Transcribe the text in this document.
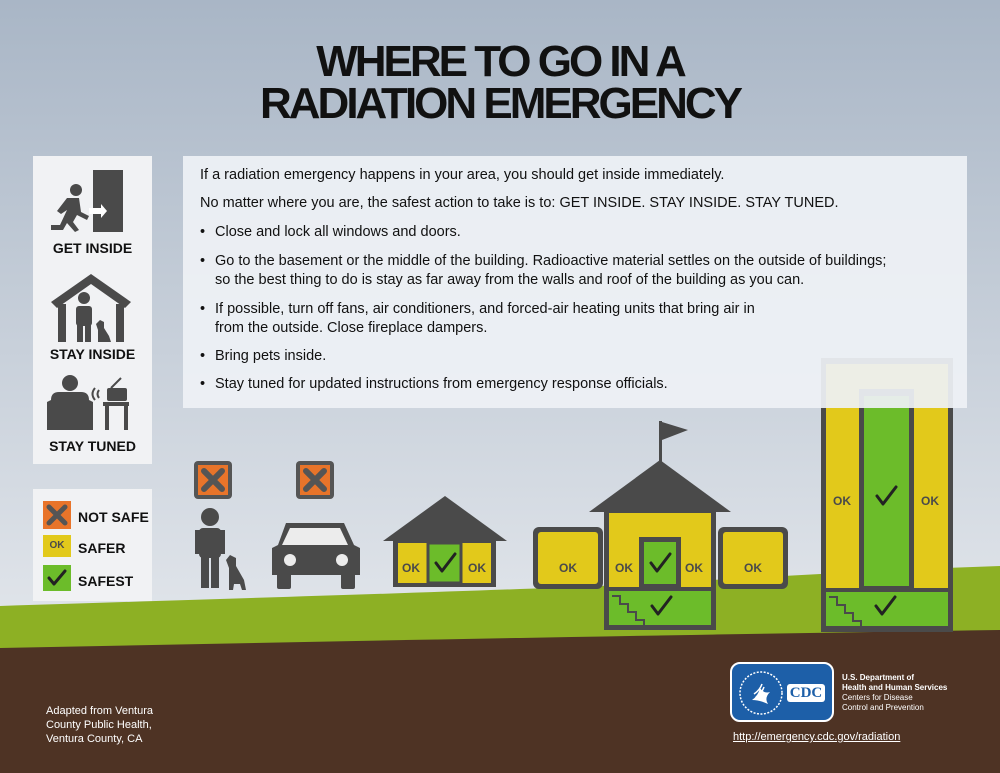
OK	OK	OK	OK	OK	OK
OK	OK
WHERE TO GO IN A
RADIATION EMERGENCY
GET INSIDE
STAY INSIDE
STAY TUNED

If a radiation emergency happens in your area, you should get inside immediately.

No matter where you are, the safest action to take is to: GET INSIDE. STAY INSIDE. STAY TUNED.

• Close and lock all windows and doors.

• Go to the basement or the middle of the building. Radioactive material settles on the outside of buildings;

so the best thing to do is stay as far away from the walls and roof of the building as you can.

• If possible, turn off fans, air conditioners, and forced-air heating units that bring air in

from the outside. Close fireplace dampers.

• Bring pets inside.

• Stay tuned for updated instructions from emergency response officials.

NOT SAFE
OK SAFER
SAFEST
Adapted from Ventura
County Public Health,
Ventura County, CA
CDC
U.S. Department of
Health and Human Services
Centers for Disease
Control and Prevention
http://emergency.cdc.gov/radiation
